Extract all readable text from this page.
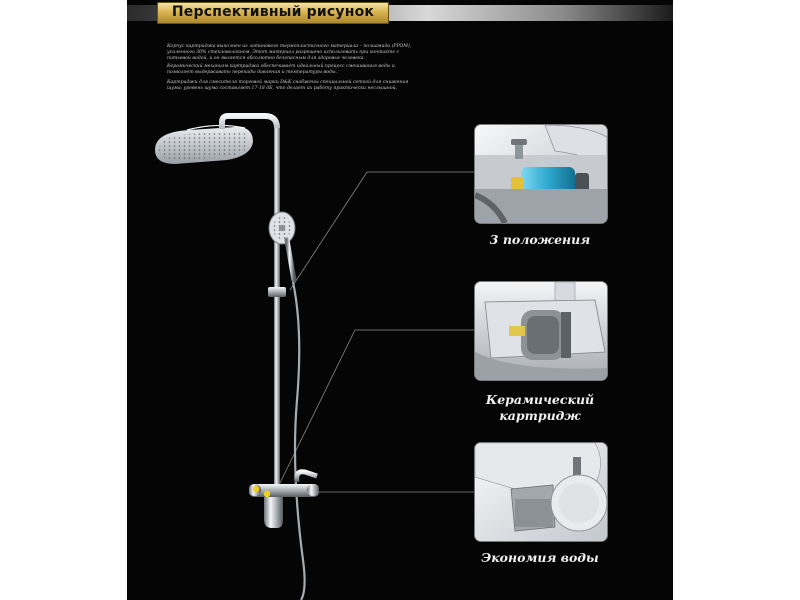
Перспективный рисунок

Корпус картриджа выполнен из латинового термопластичного материала – полиамида (PPOM), усиленного 30% стекловолокном. Этот материал разрешено использовать при контакте с питьевой водой, и он является абсолютно безопасным для здоровья человека.

Керамический механизм картриджа обеспечивает идеальный процесс смешивания воды и позволяет выдерживать перепады давления и температуры воды.

Картриджи для смесителя торговой марки D&K снабжены специальной сеткой для снижения шума: уровень шума составляет 17-18 дБ, что делает их работу практически неслышной.

3 положения
Керамический
картридж
Экономия воды
